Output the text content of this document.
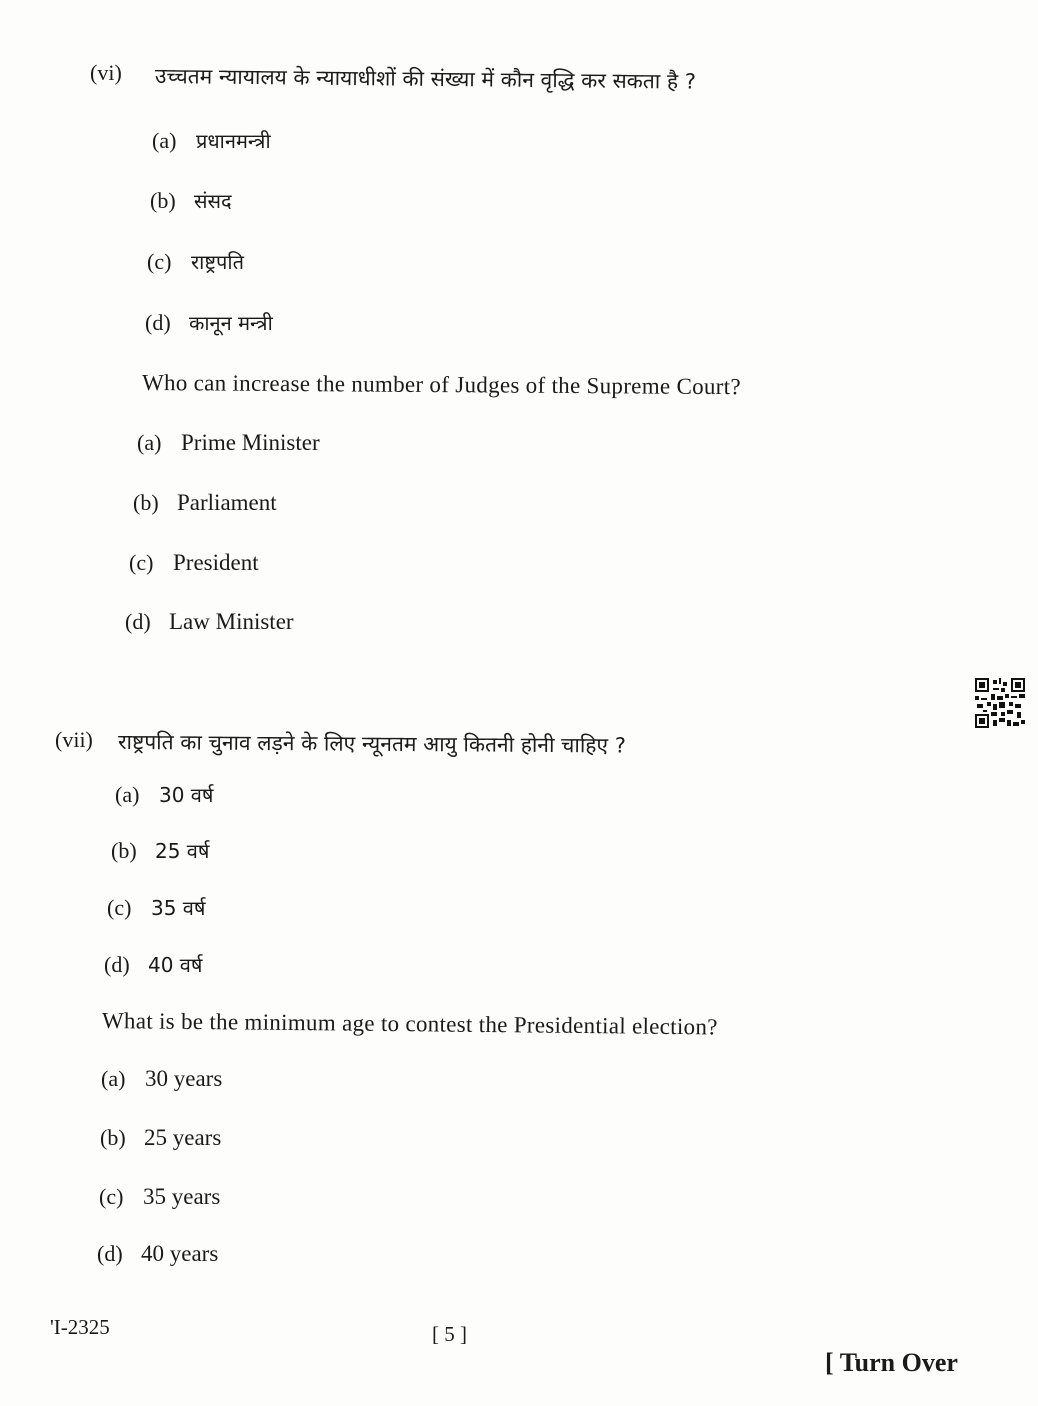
(vi) उच्चतम न्यायालय के न्यायाधीशों की संख्या में कौन वृद्धि कर सकता है ?
(a) प्रधानमन्त्री
(b) संसद
(c) राष्ट्रपति
(d) कानून मन्त्री
Who can increase the number of Judges of the Supreme Court?
(a) Prime Minister
(b) Parliament
(c) President
(d) Law Minister
(vii) राष्ट्रपति का चुनाव लड़ने के लिए न्यूनतम आयु कितनी होनी चाहिए ?
(a) 30 वर्ष
(b) 25 वर्ष
(c) 35 वर्ष
(d) 40 वर्ष
What is be the minimum age to contest the Presidential election?
(a) 30 years
(b) 25 years
(c) 35 years
(d) 40 years
'I-2325	[ 5 ]
[ Turn Over
